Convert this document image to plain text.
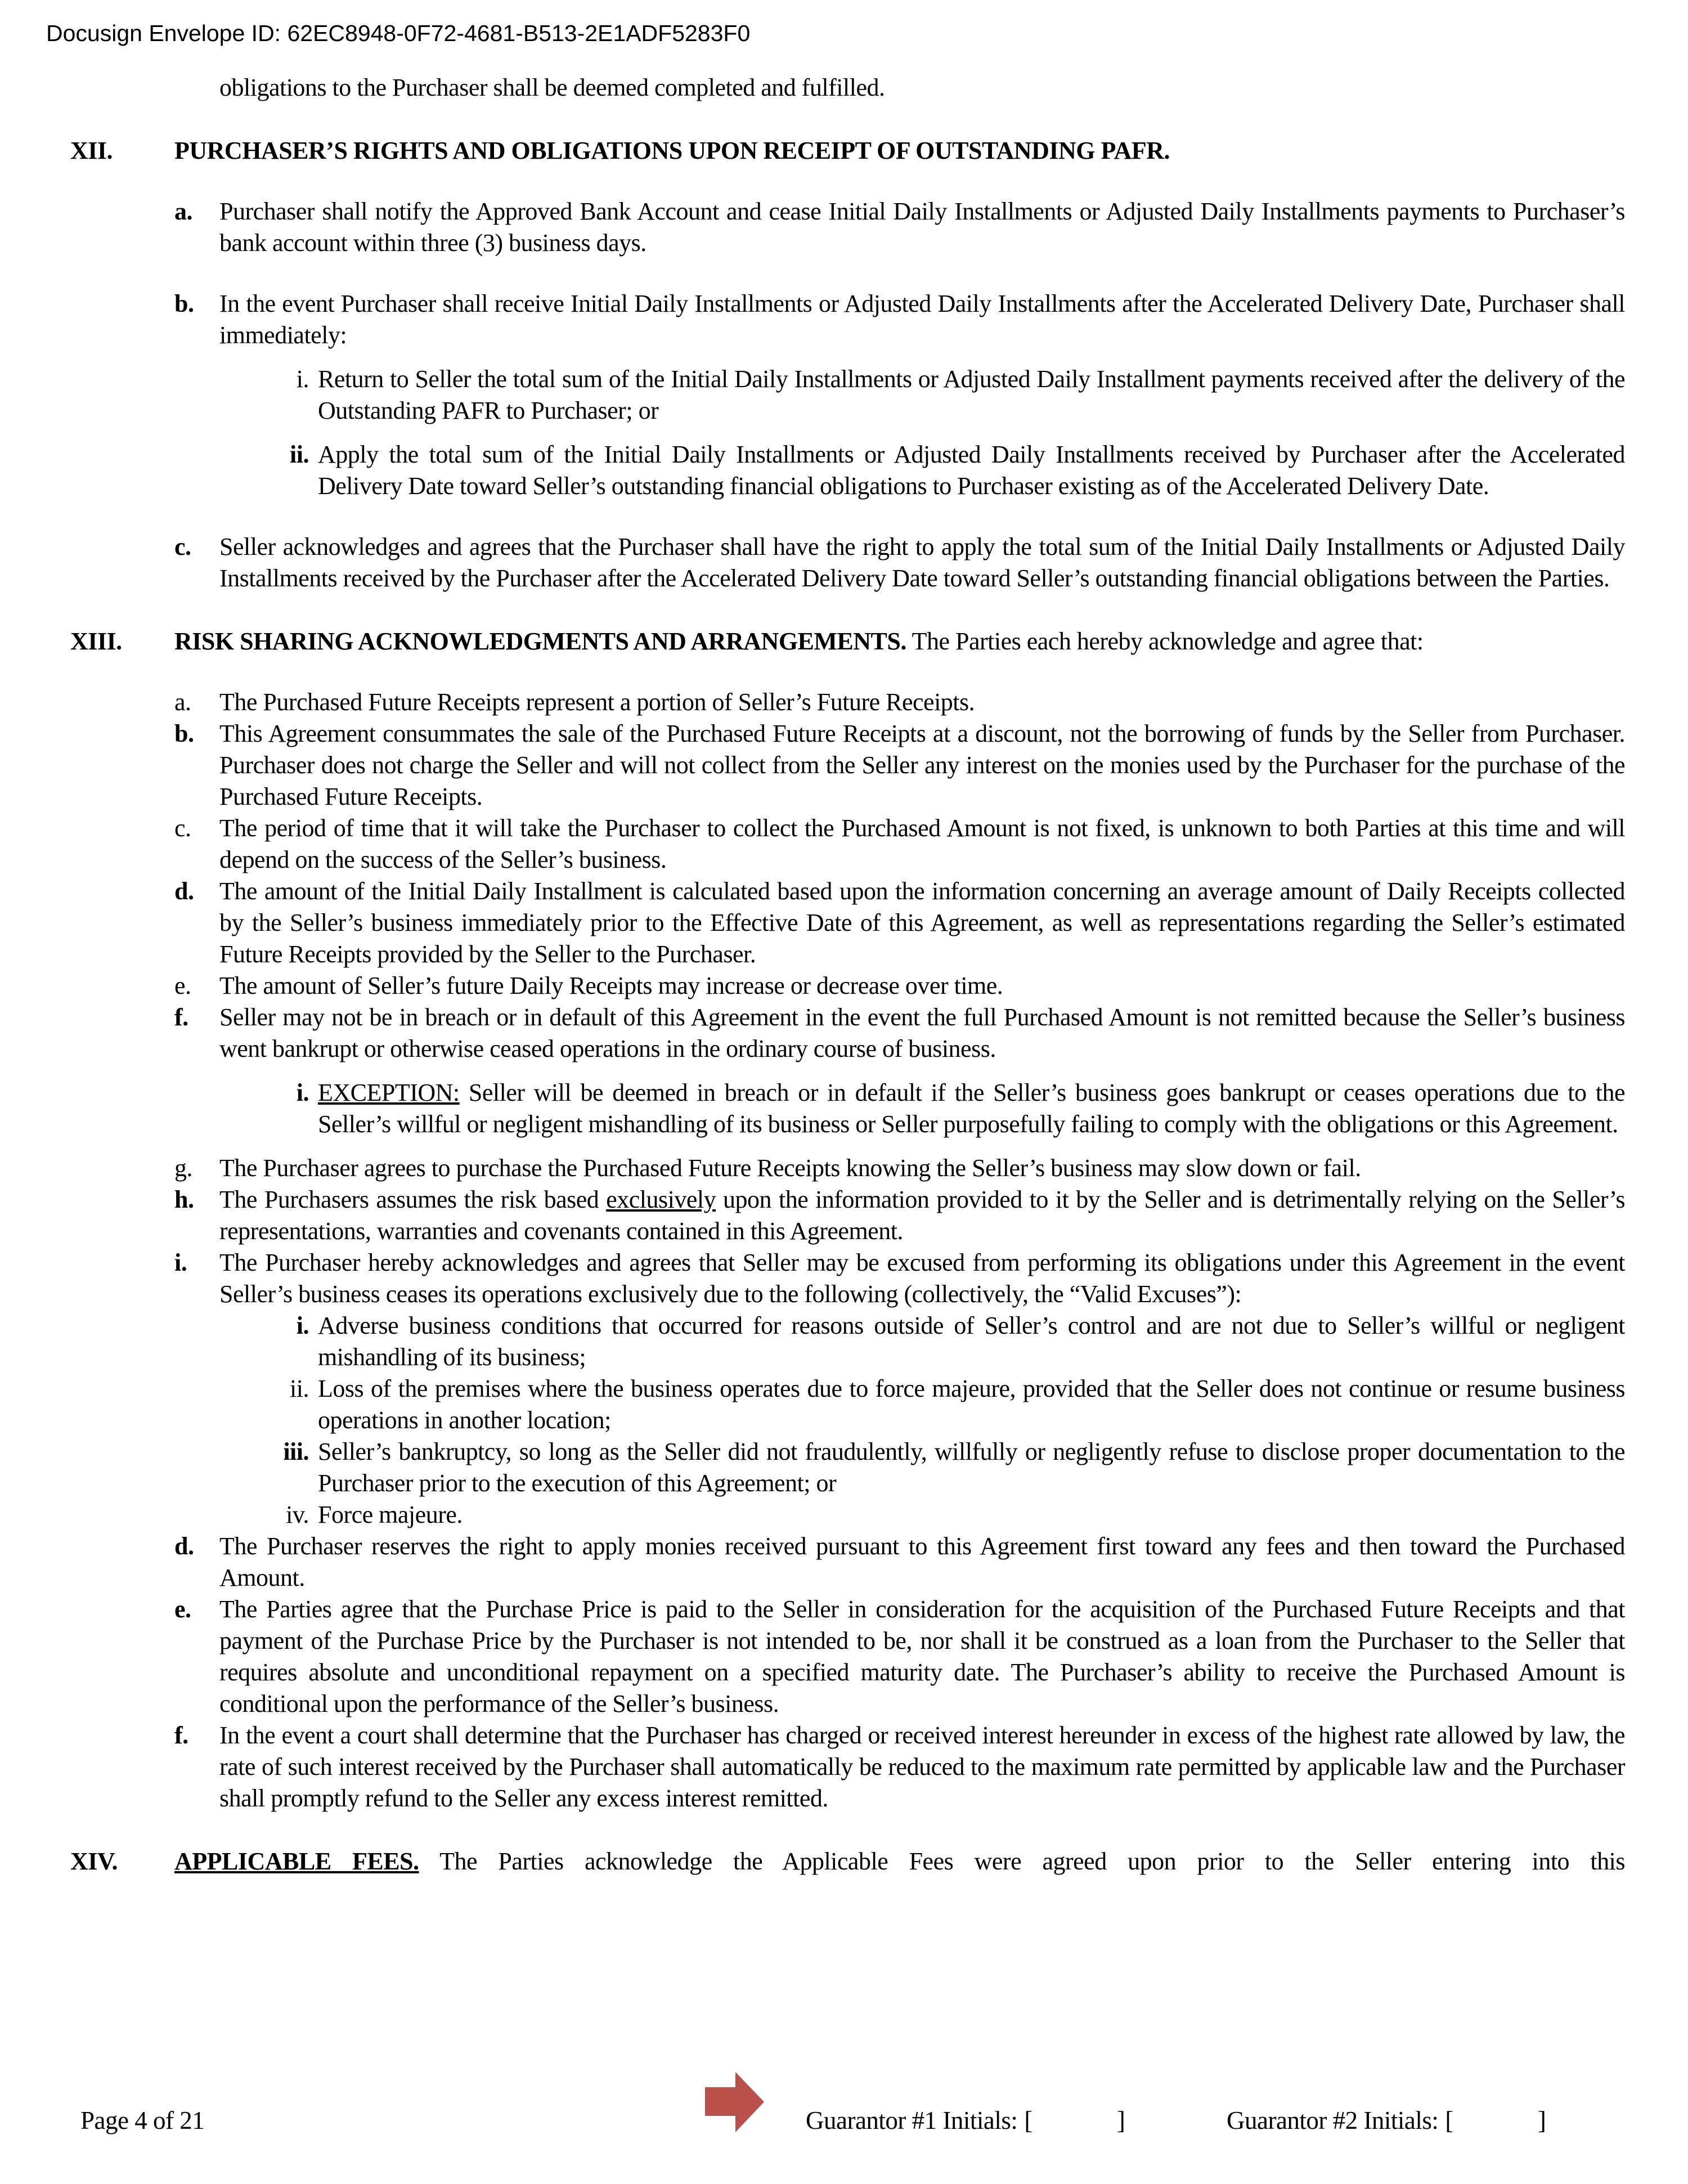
Docusign Envelope ID: 62EC8948-0F72-4681-B513-2E1ADF5283F0
obligations to the Purchaser shall be deemed completed and fulfilled.
XII.	PURCHASER’S RIGHTS AND OBLIGATIONS UPON RECEIPT OF OUTSTANDING PAFR.
a.	Purchaser shall notify the Approved Bank Account and cease Initial Daily Installments or Adjusted Daily Installments payments to Purchaser’s bank account within three (3) business days.
b.	In the event Purchaser shall receive Initial Daily Installments or Adjusted Daily Installments after the Accelerated Delivery Date, Purchaser shall immediately:
i. Return to Seller the total sum of the Initial Daily Installments or Adjusted Daily Installment payments received after the delivery of the Outstanding PAFR to Purchaser; or
ii. Apply the total sum of the Initial Daily Installments or Adjusted Daily Installments received by Purchaser after the Accelerated Delivery Date toward Seller’s outstanding financial obligations to Purchaser existing as of the Accelerated Delivery Date.
c.	Seller acknowledges and agrees that the Purchaser shall have the right to apply the total sum of the Initial Daily Installments or Adjusted Daily Installments received by the Purchaser after the Accelerated Delivery Date toward Seller’s outstanding financial obligations between the Parties.
XIII.	RISK SHARING ACKNOWLEDGMENTS AND ARRANGEMENTS. The Parties each hereby acknowledge and agree that:
a.	The Purchased Future Receipts represent a portion of Seller’s Future Receipts.
b.	This Agreement consummates the sale of the Purchased Future Receipts at a discount, not the borrowing of funds by the Seller from Purchaser. Purchaser does not charge the Seller and will not collect from the Seller any interest on the monies used by the Purchaser for the purchase of the Purchased Future Receipts.
c.	The period of time that it will take the Purchaser to collect the Purchased Amount is not fixed, is unknown to both Parties at this time and will depend on the success of the Seller’s business.
d.	The amount of the Initial Daily Installment is calculated based upon the information concerning an average amount of Daily Receipts collected by the Seller’s business immediately prior to the Effective Date of this Agreement, as well as representations regarding the Seller’s estimated Future Receipts provided by the Seller to the Purchaser.
e.	The amount of Seller’s future Daily Receipts may increase or decrease over time.
f.	Seller may not be in breach or in default of this Agreement in the event the full Purchased Amount is not remitted because the Seller’s business went bankrupt or otherwise ceased operations in the ordinary course of business.
i. EXCEPTION: Seller will be deemed in breach or in default if the Seller’s business goes bankrupt or ceases operations due to the Seller’s willful or negligent mishandling of its business or Seller purposefully failing to comply with the obligations or this Agreement.
g.	The Purchaser agrees to purchase the Purchased Future Receipts knowing the Seller’s business may slow down or fail.
h.	The Purchasers assumes the risk based exclusively upon the information provided to it by the Seller and is detrimentally relying on the Seller’s representations, warranties and covenants contained in this Agreement.
i.	The Purchaser hereby acknowledges and agrees that Seller may be excused from performing its obligations under this Agreement in the event Seller’s business ceases its operations exclusively due to the following (collectively, the “Valid Excuses”):
i. Adverse business conditions that occurred for reasons outside of Seller’s control and are not due to Seller’s willful or negligent mishandling of its business;
ii. Loss of the premises where the business operates due to force majeure, provided that the Seller does not continue or resume business operations in another location;
iii. Seller’s bankruptcy, so long as the Seller did not fraudulently, willfully or negligently refuse to disclose proper documentation to the Purchaser prior to the execution of this Agreement; or
iv. Force majeure.
d.	The Purchaser reserves the right to apply monies received pursuant to this Agreement first toward any fees and then toward the Purchased Amount.
e.	The Parties agree that the Purchase Price is paid to the Seller in consideration for the acquisition of the Purchased Future Receipts and that payment of the Purchase Price by the Purchaser is not intended to be, nor shall it be construed as a loan from the Purchaser to the Seller that requires absolute and unconditional repayment on a specified maturity date. The Purchaser’s ability to receive the Purchased Amount is conditional upon the performance of the Seller’s business.
f.	In the event a court shall determine that the Purchaser has charged or received interest hereunder in excess of the highest rate allowed by law, the rate of such interest received by the Purchaser shall automatically be reduced to the maximum rate permitted by applicable law and the Purchaser shall promptly refund to the Seller any excess interest remitted.
XIV.	APPLICABLE FEES. The Parties acknowledge the Applicable Fees were agreed upon prior to the Seller entering into this
Page 4 of 21	Guarantor #1 Initials: [	]	Guarantor #2 Initials: [	]
